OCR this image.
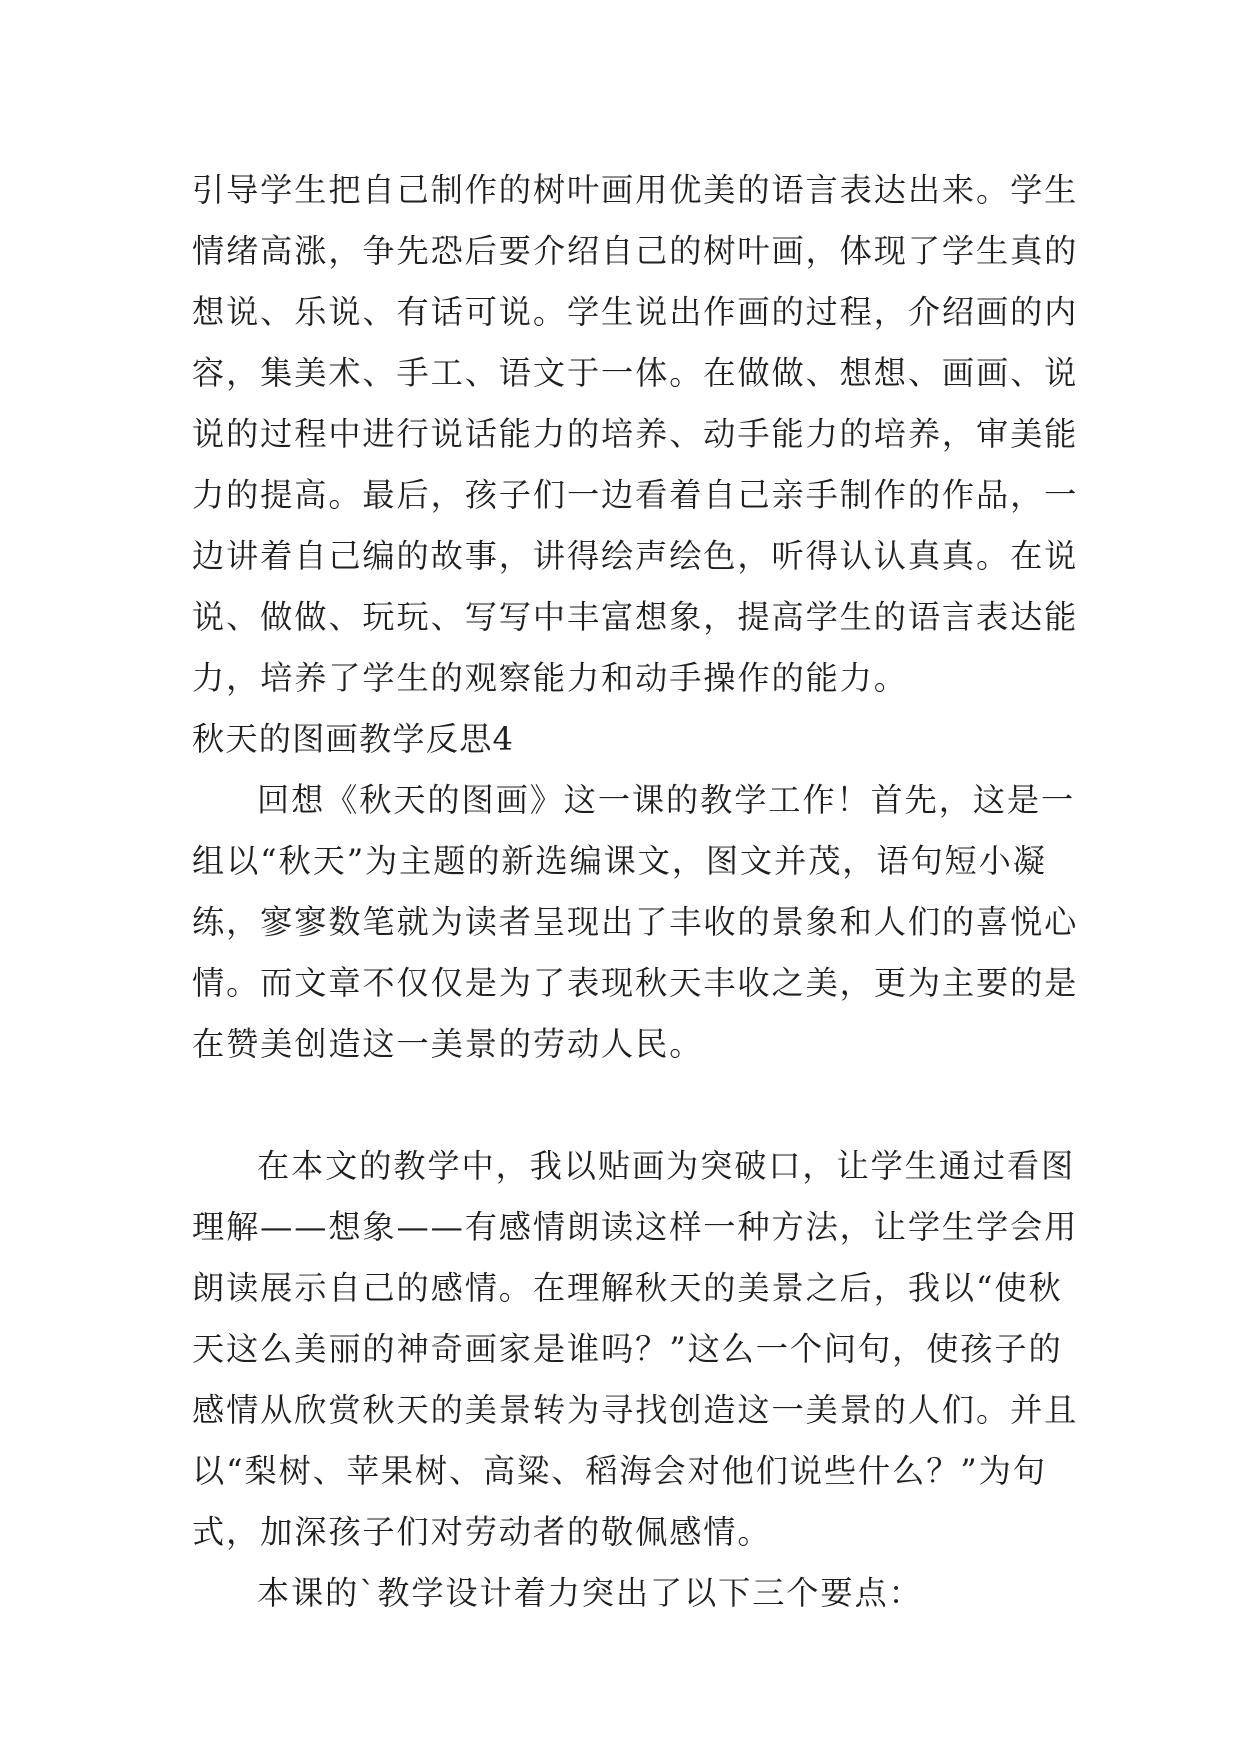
引导学生把自己制作的树叶画用优美的语言表达出来。学生
情绪高涨，争先恐后要介绍自己的树叶画，体现了学生真的
想说、乐说、有话可说。学生说出作画的过程，介绍画的内
容，集美术、手工、语文于一体。在做做、想想、画画、说
说的过程中进行说话能力的培养、动手能力的培养，审美能
力的提高。最后，孩子们一边看着自己亲手制作的作品，一
边讲着自己编的故事，讲得绘声绘色，听得认认真真。在说
说、做做、玩玩、写写中丰富想象，提高学生的语言表达能
力，培养了学生的观察能力和动手操作的能力。
秋天的图画教学反思4
回想《秋天的图画》这一课的教学工作！首先，这是一
组以“秋天”为主题的新选编课文，图文并茂，语句短小凝
练，寥寥数笔就为读者呈现出了丰收的景象和人们的喜悦心
情。而文章不仅仅是为了表现秋天丰收之美，更为主要的是
在赞美创造这一美景的劳动人民。
在本文的教学中，我以贴画为突破口，让学生通过看图
理解——想象——有感情朗读这样一种方法，让学生学会用
朗读展示自己的感情。在理解秋天的美景之后，我以“使秋
天这么美丽的神奇画家是谁吗？”这么一个问句，使孩子的
感情从欣赏秋天的美景转为寻找创造这一美景的人们。并且
以“梨树、苹果树、高粱、稻海会对他们说些什么？”为句
式，加深孩子们对劳动者的敬佩感情。
本课的`教学设计着力突出了以下三个要点：
